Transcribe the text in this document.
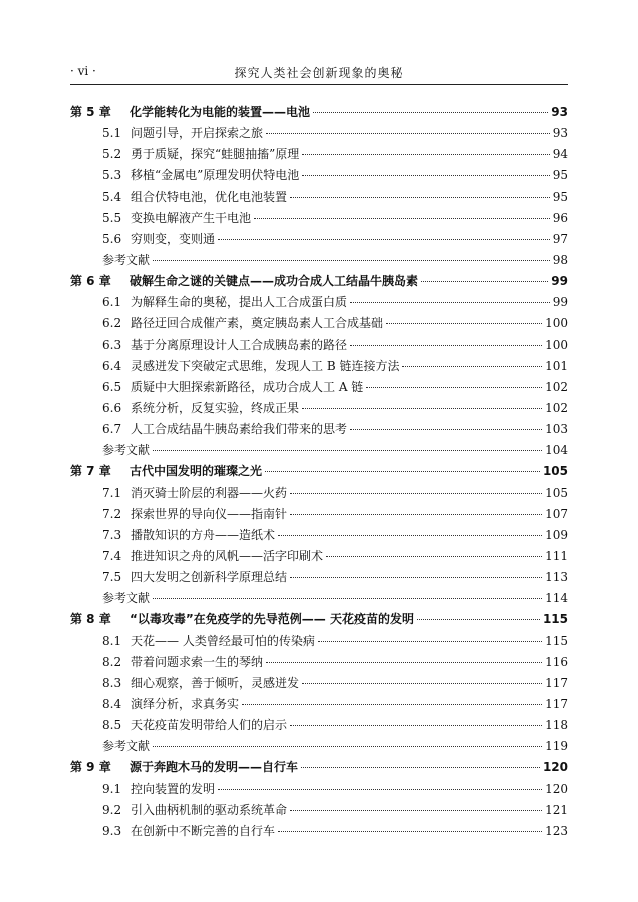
· vi ·	探究人类社会创新现象的奥秘
第 5 章	化学能转化为电能的装置——电池	93
5.1 问题引导，开启探索之旅	93
5.2 勇于质疑，探究“蛙腿抽搐”原理	94
5.3 移植“金属电”原理发明伏特电池	95
5.4 组合伏特电池，优化电池装置	95
5.5 变换电解液产生干电池	96
5.6 穷则变，变则通	97
参考文献	98
第 6 章	破解生命之谜的关键点——成功合成人工结晶牛胰岛素	99
6.1 为解释生命的奥秘，提出人工合成蛋白质	99
6.2 路径迂回合成催产素，奠定胰岛素人工合成基础	100
6.3 基于分离原理设计人工合成胰岛素的路径	100
6.4 灵感迸发下突破定式思维，发现人工 B 链连接方法	101
6.5 质疑中大胆探索新路径，成功合成人工 A 链	102
6.6 系统分析，反复实验，终成正果	102
6.7 人工合成结晶牛胰岛素给我们带来的思考	103
参考文献	104
第 7 章	古代中国发明的璀璨之光	105
7.1 消灭骑士阶层的利器——火药	105
7.2 探索世界的导向仪——指南针	107
7.3 播散知识的方舟——造纸术	109
7.4 推进知识之舟的风帆——活字印刷术	111
7.5 四大发明之创新科学原理总结	113
参考文献	114
第 8 章	“以毒攻毒”在免疫学的先导范例—— 天花疫苗的发明	115
8.1 天花—— 人类曾经最可怕的传染病	115
8.2 带着问题求索一生的琴纳	116
8.3 细心观察，善于倾听，灵感迸发	117
8.4 演绎分析，求真务实	117
8.5 天花疫苗发明带给人们的启示	118
参考文献	119
第 9 章	源于奔跑木马的发明——自行车	120
9.1 控向装置的发明	120
9.2 引入曲柄机制的驱动系统革命	121
9.3 在创新中不断完善的自行车	123
